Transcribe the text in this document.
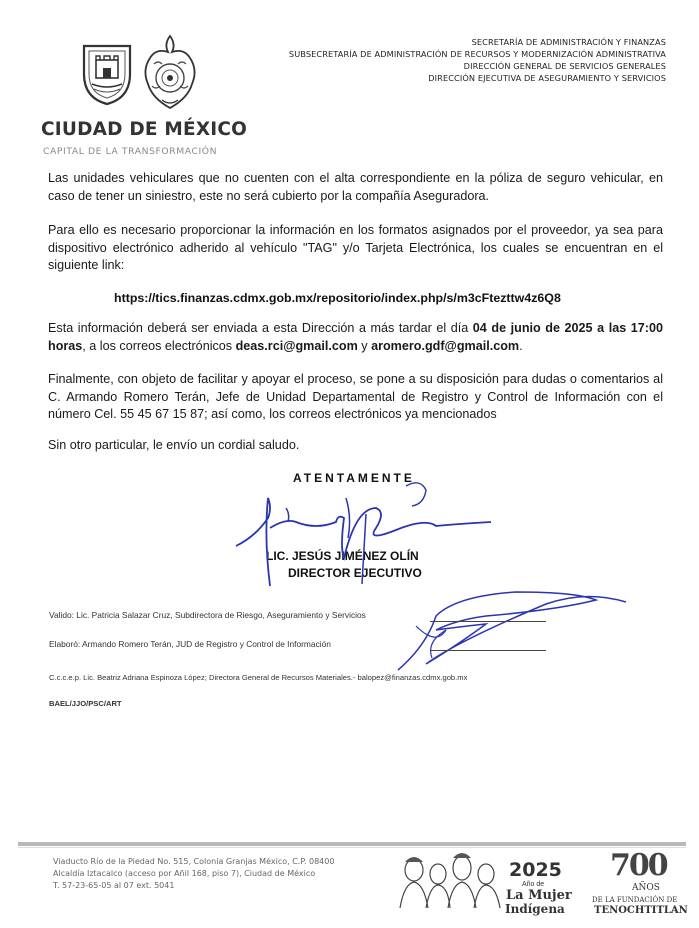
SECRETARÍA DE ADMINISTRACIÓN Y FINANZAS
SUBSECRETARÍA DE ADMINISTRACIÓN DE RECURSOS Y MODERNIZACIÓN ADMINISTRATIVA
DIRECCIÓN GENERAL DE SERVICIOS GENERALES
DIRECCIÓN EJECUTIVA DE ASEGURAMIENTO Y SERVICIOS
CIUDAD DE MÉXICO
CAPITAL DE LA TRANSFORMACIÓN
Las unidades vehiculares que no cuenten con el alta correspondiente en la póliza de seguro vehicular, en caso de tener un siniestro, este no será cubierto por la compañía Aseguradora.
Para ello es necesario proporcionar la información en los formatos asignados por el proveedor, ya sea para dispositivo electrónico adherido al vehículo "TAG" y/o Tarjeta Electrónica, los cuales se encuentran en el siguiente link:
https://tics.finanzas.cdmx.gob.mx/repositorio/index.php/s/m3cFtezttw4z6Q8
Esta información deberá ser enviada a esta Dirección a más tardar el día 04 de junio de 2025 a las 17:00 horas, a los correos electrónicos deas.rci@gmail.com y aromero.gdf@gmail.com.
Finalmente, con objeto de facilitar y apoyar el proceso, se pone a su disposición para dudas o comentarios al C. Armando Romero Terán, Jefe de Unidad Departamental de Registro y Control de Información con el número Cel. 55 45 67 15 87; así como, los correos electrónicos ya mencionados
Sin otro particular, le envío un cordial saludo.
ATENTAMENTE
LIC. JESÚS JIMÉNEZ OLÍN
DIRECTOR EJECUTIVO
Valido: Lic. Patricia Salazar Cruz, Subdirectora de Riesgo, Aseguramiento y Servicios
Elaboró: Armando Romero Terán, JUD de Registro y Control de Información
C.c.c.e.p. Lic. Beatriz Adriana Espinoza López; Directora General de Recursos Materiales.- balopez@finanzas.cdmx.gob.mx
BAEL/JJO/PSC/ART
Viaducto Río de la Piedad No. 515, Colonia Granjas México, C.P. 08400
Alcaldía Iztacalco (acceso por Añil 168, piso 7), Ciudad de México
T. 57-23-65-05 al 07 ext. 5041
2025
Año de
La Mujer
Indígena
700
AÑOS
DE LA FUNDACIÓN DE
TENOCHTITLAN
